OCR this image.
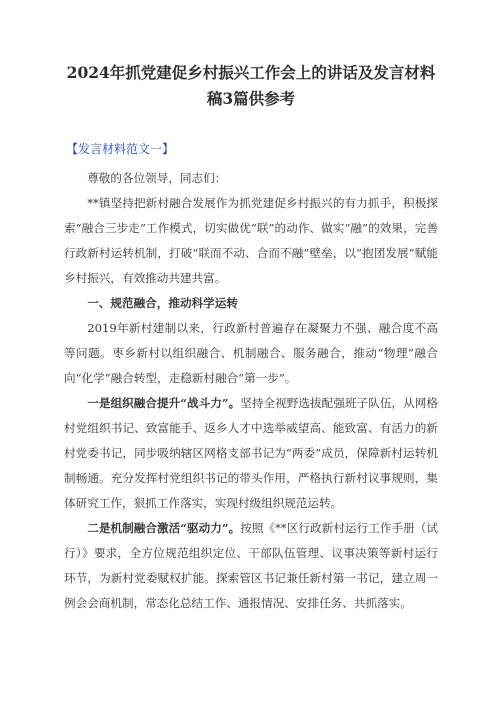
2024年抓党建促乡村振兴工作会上的讲话及发言材料稿3篇供参考
【发言材料范文一】

尊敬的各位领导，同志们：

**镇坚持把新村融合发展作为抓党建促乡村振兴的有力抓手，积极探索“融合三步走”工作模式，切实做优“联”的动作、做实“融”的效果，完善行政新村运转机制，打破“联而不动、合而不融”壁垒，以“抱团发展”赋能乡村振兴，有效推动共建共富。

一、规范融合，推动科学运转

2019年新村建制以来，行政新村普遍存在凝聚力不强、融合度不高等问题。枣乡新村以组织融合、机制融合、服务融合，推动“物理”融合向“化学”融合转型，走稳新村融合“第一步”。

一是组织融合提升“战斗力”。坚持全视野选拔配强班子队伍，从网格村党组织书记、致富能手、返乡人才中选举威望高、能致富、有活力的新村党委书记，同步吸纳辖区网格支部书记为“两委”成员，保障新村运转机制畅通。充分发挥村党组织书记的带头作用，严格执行新村议事规则，集体研究工作，狠抓工作落实，实现村级组织规范运转。

二是机制融合激活“驱动力”。按照《**区行政新村运行工作手册（试行）》要求，全方位规范组织定位、干部队伍管理、议事决策等新村运行环节，为新村党委赋权扩能。探索管区书记兼任新村第一书记，建立周一例会会商机制，常态化总结工作、通报情况、安排任务、共抓落实。
